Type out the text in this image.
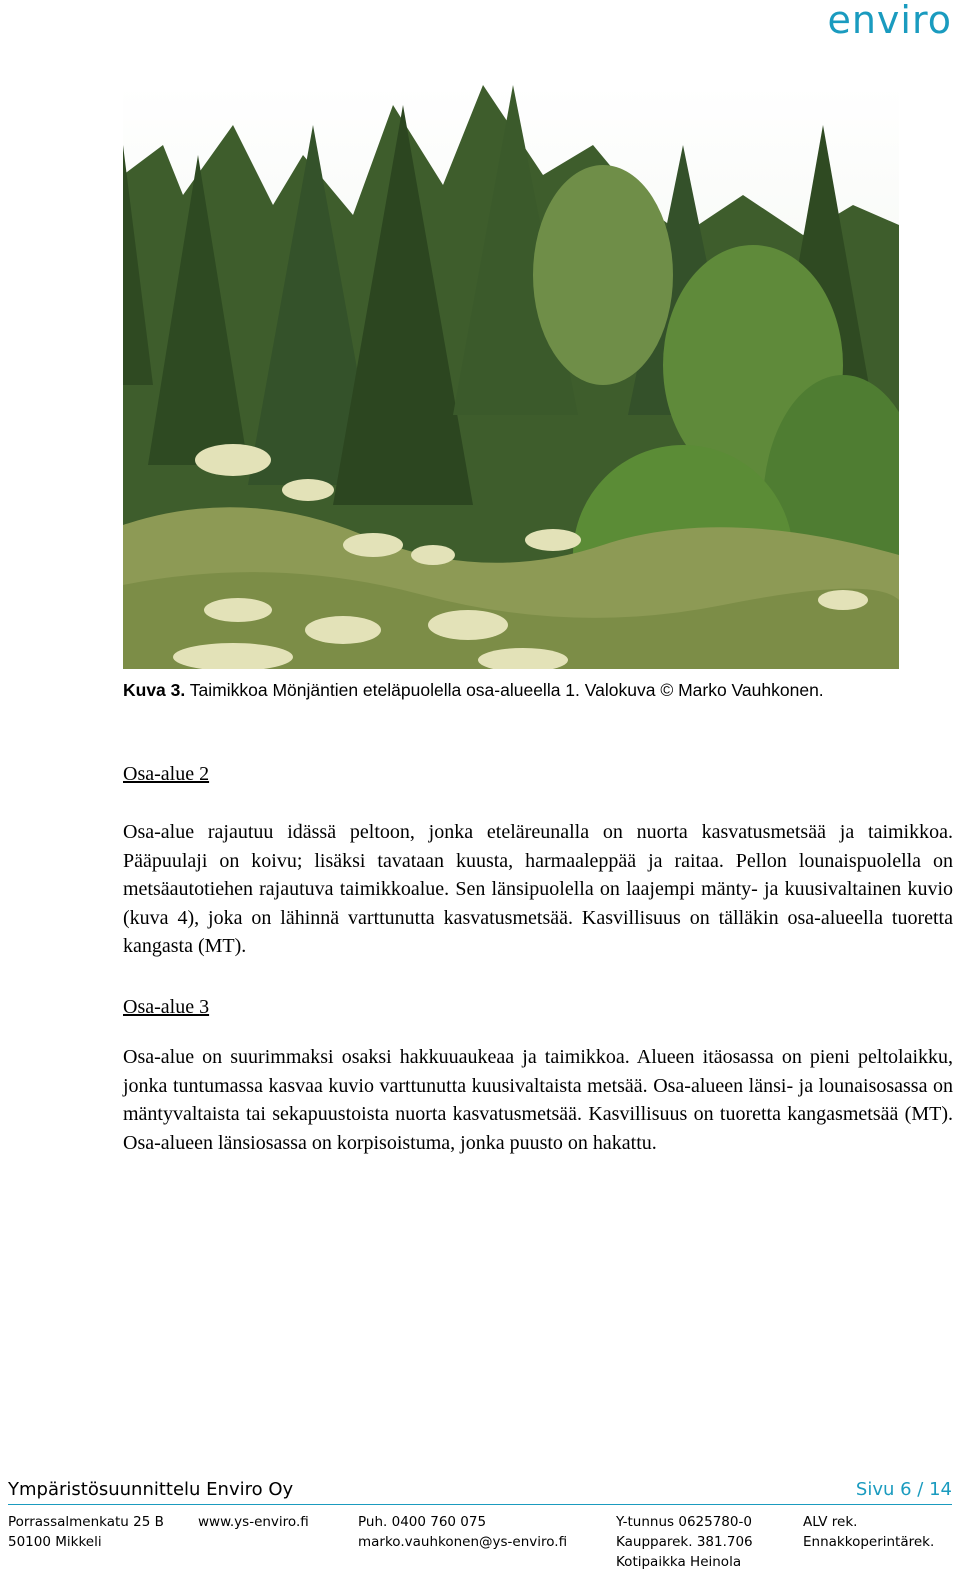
enviro
Kuva 3. Taimikkoa Mönjäntien eteläpuolella osa-alueella 1. Valokuva © Marko Vauhkonen.
Osa-alue 2
Osa-alue rajautuu idässä peltoon, jonka eteläreunalla on nuorta kasvatusmetsää ja taimikkoa. Pääpuulaji on koivu; lisäksi tavataan kuusta, harmaaleppää ja raitaa. Pellon lounaispuolella on metsäautotiehen rajautuva taimikkoalue. Sen länsipuolella on laajempi mänty- ja kuusivaltainen kuvio (kuva 4), joka on lähinnä varttunutta kasvatusmetsää. Kasvillisuus on tälläkin osa-alueella tuoretta kangasta (MT).
Osa-alue 3
Osa-alue on suurimmaksi osaksi hakkuuaukeaa ja taimikkoa. Alueen itäosassa on pieni peltolaikku, jonka tuntumassa kasvaa kuvio varttunutta kuusivaltaista metsää. Osa-alueen länsi- ja lounaisosassa on mäntyvaltaista tai sekapuustoista nuorta kasvatusmetsää. Kasvillisuus on tuoretta kangasmetsää (MT). Osa-alueen länsiosassa on korpisoistuma, jonka puusto on hakattu.
Ympäristösuunnittelu Enviro Oy	Sivu 6 / 14
Porrassalmenkatu 25 B
50100 Mikkeli
www.ys-enviro.fi	Puh. 0400 760 075
marko.vauhkonen@ys-enviro.fi
Y-tunnus 0625780-0
Kaupparek. 381.706
Kotipaikka Heinola
ALV rek.
Ennakkoperintärek.
